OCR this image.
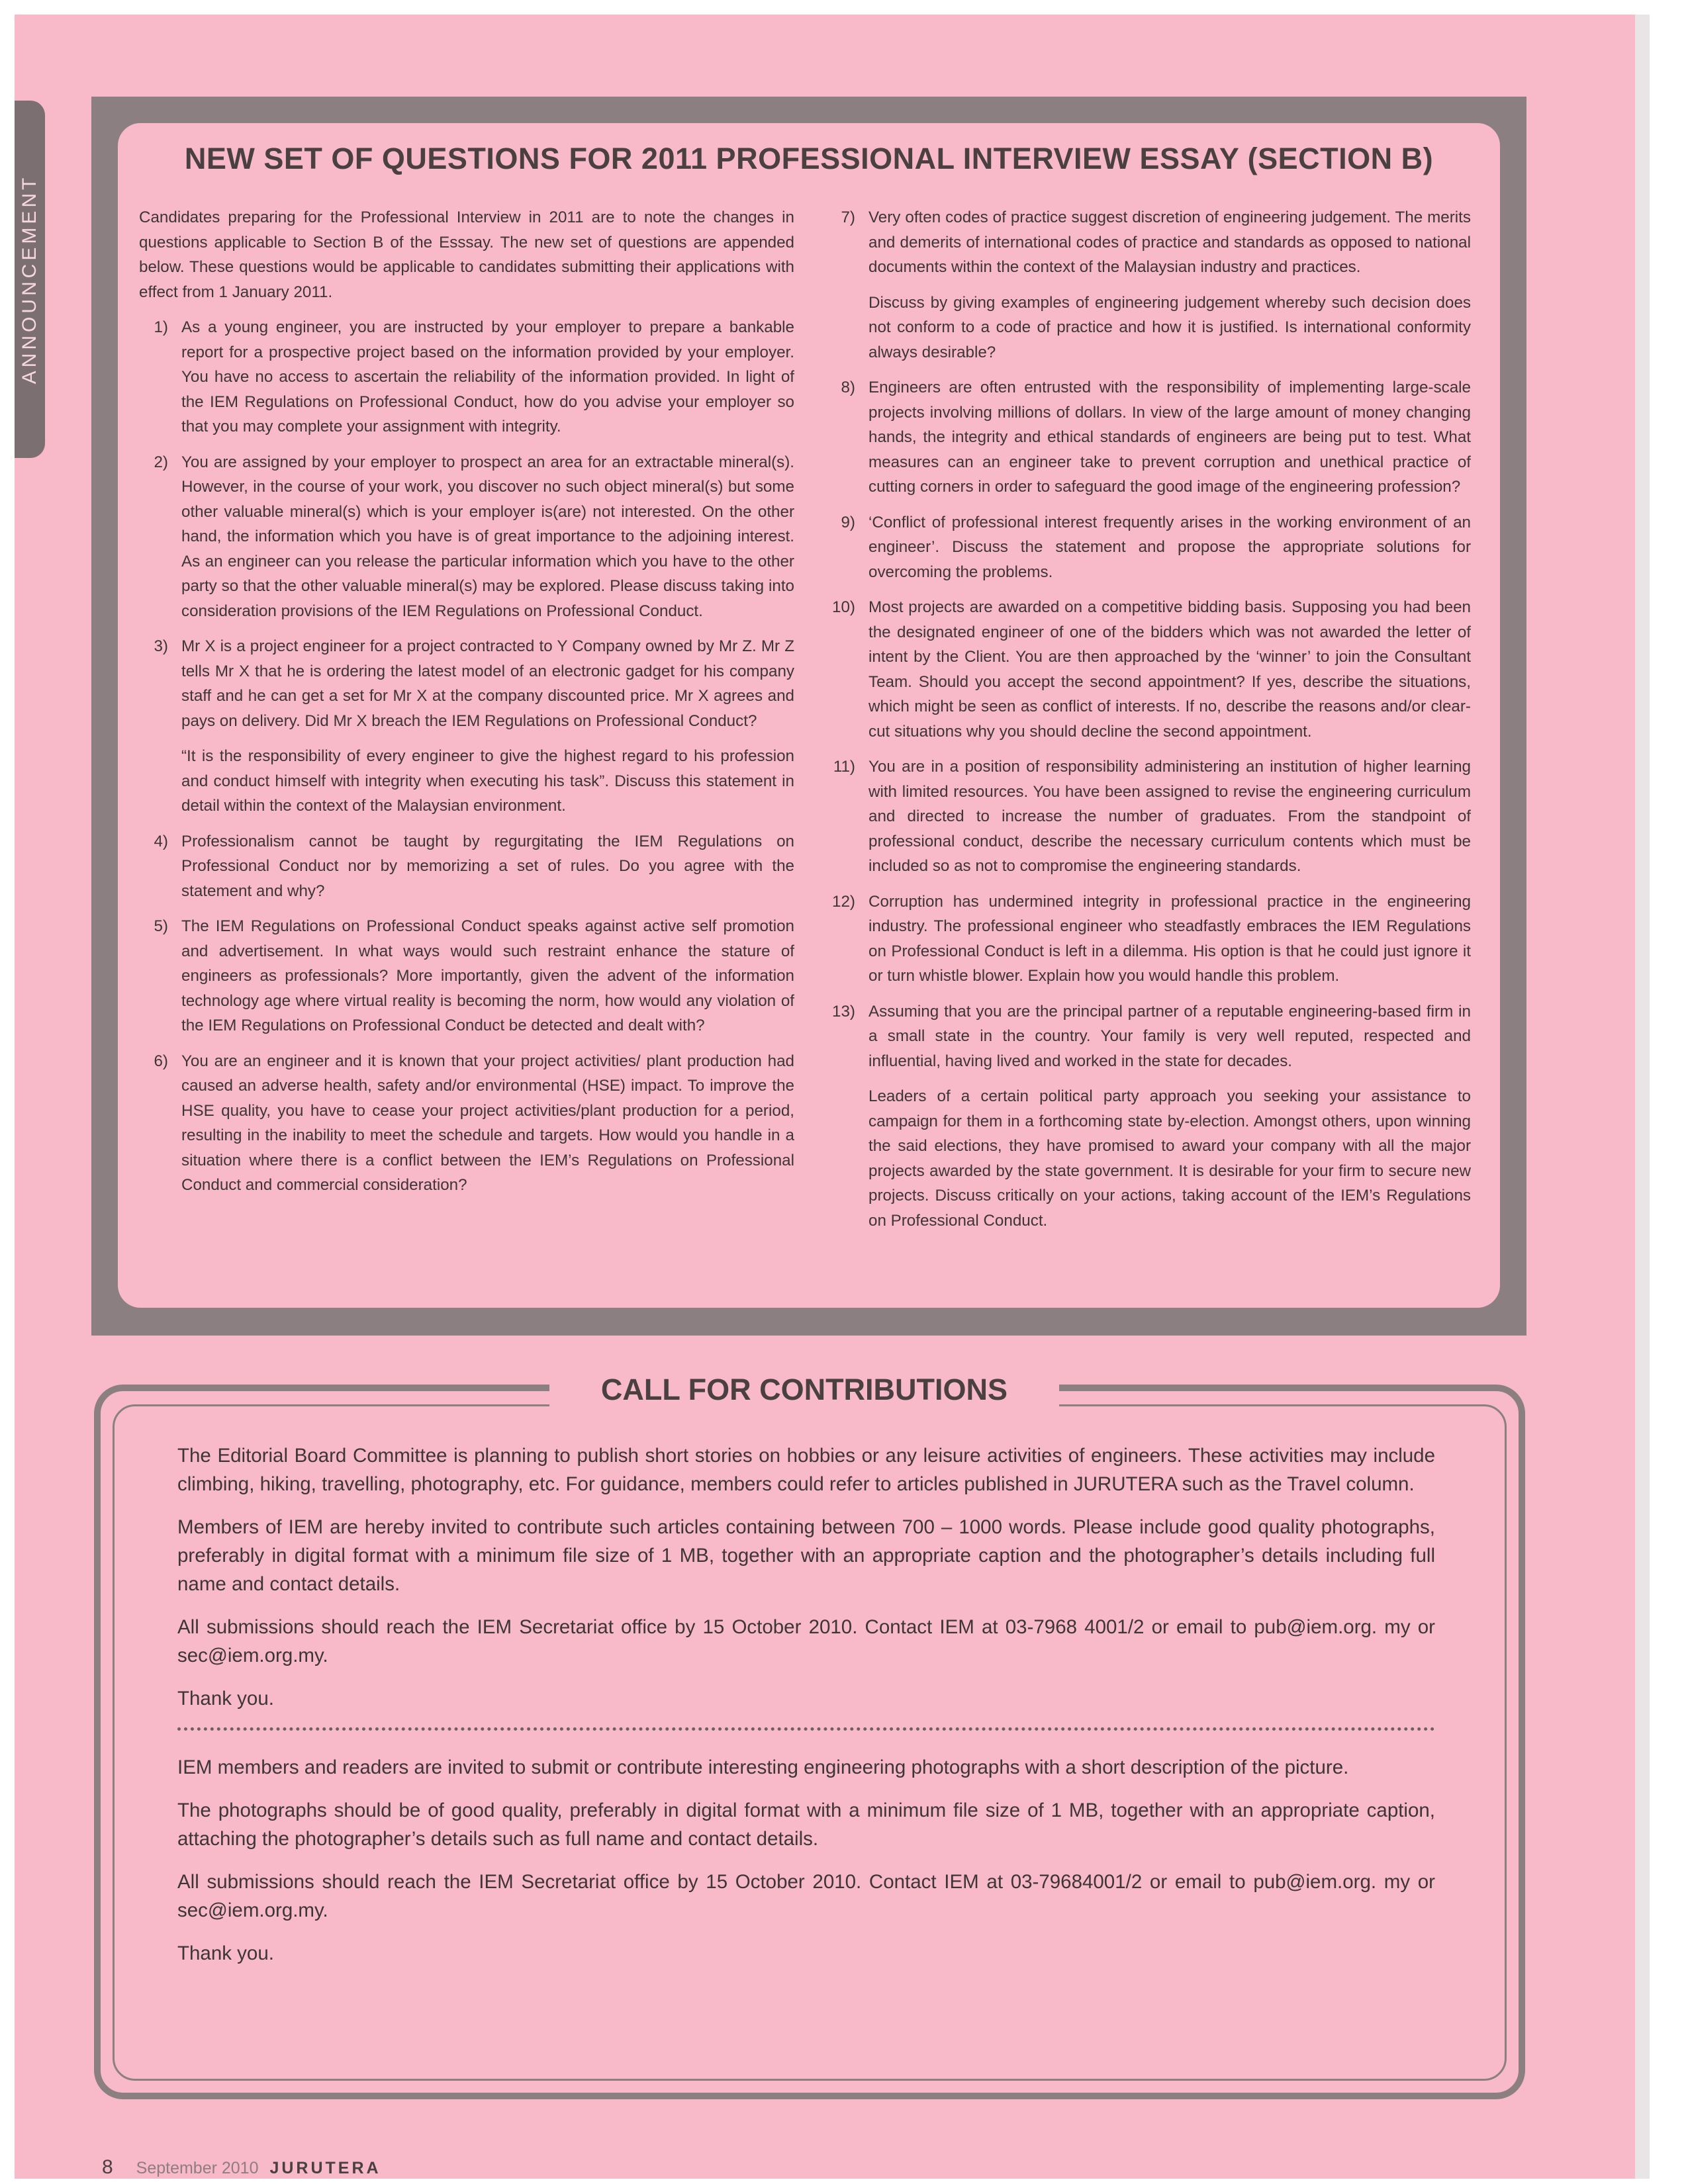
ANNOUNCEMENT
NEW SET OF QUESTIONS FOR 2011 PROFESSIONAL INTERVIEW ESSAY (SECTION B)

Candidates preparing for the Professional Interview in 2011 are to note the changes in questions applicable to Section B of the Esssay. The new set of questions are appended below. These questions would be applicable to candidates submitting their applications with effect from 1 January 2011.

1) As a young engineer, you are instructed by your employer to prepare a bankable report for a prospective project based on the information provided by your employer. You have no access to ascertain the reliability of the information provided. In light of the IEM Regulations on Professional Conduct, how do you advise your employer so that you may complete your assignment with integrity.
2) You are assigned by your employer to prospect an area for an extractable mineral(s). However, in the course of your work, you discover no such object mineral(s) but some other valuable mineral(s) which is your employer is(are) not interested. On the other hand, the information which you have is of great importance to the adjoining interest. As an engineer can you release the particular information which you have to the other party so that the other valuable mineral(s) may be explored. Please discuss taking into consideration provisions of the IEM Regulations on Professional Conduct.
3) Mr X is a project engineer for a project contracted to Y Company owned by Mr Z. Mr Z tells Mr X that he is ordering the latest model of an electronic gadget for his company staff and he can get a set for Mr X at the company discounted price. Mr X agrees and pays on delivery. Did Mr X breach the IEM Regulations on Professional Conduct?
“It is the responsibility of every engineer to give the highest regard to his profession and conduct himself with integrity when executing his task”. Discuss this statement in detail within the context of the Malaysian environment.
4) Professionalism cannot be taught by regurgitating the IEM Regulations on Professional Conduct nor by memorizing a set of rules. Do you agree with the statement and why?
5) The IEM Regulations on Professional Conduct speaks against active self promotion and advertisement. In what ways would such restraint enhance the stature of engineers as professionals? More importantly, given the advent of the information technology age where virtual reality is becoming the norm, how would any violation of the IEM Regulations on Professional Conduct be detected and dealt with?
6) You are an engineer and it is known that your project activities/ plant production had caused an adverse health, safety and/or environmental (HSE) impact. To improve the HSE quality, you have to cease your project activities/plant production for a period, resulting in the inability to meet the schedule and targets. How would you handle in a situation where there is a conflict between the IEM’s Regulations on Professional Conduct and commercial consideration?
7) Very often codes of practice suggest discretion of engineering judgement. The merits and demerits of international codes of practice and standards as opposed to national documents within the context of the Malaysian industry and practices.
Discuss by giving examples of engineering judgement whereby such decision does not conform to a code of practice and how it is justified. Is international conformity always desirable?
8) Engineers are often entrusted with the responsibility of implementing large-scale projects involving millions of dollars. In view of the large amount of money changing hands, the integrity and ethical standards of engineers are being put to test. What measures can an engineer take to prevent corruption and unethical practice of cutting corners in order to safeguard the good image of the engineering profession?
9) ‘Conflict of professional interest frequently arises in the working environment of an engineer’. Discuss the statement and propose the appropriate solutions for overcoming the problems.
10) Most projects are awarded on a competitive bidding basis. Supposing you had been the designated engineer of one of the bidders which was not awarded the letter of intent by the Client. You are then approached by the ‘winner’ to join the Consultant Team. Should you accept the second appointment? If yes, describe the situations, which might be seen as conflict of interests. If no, describe the reasons and/or clear-cut situations why you should decline the second appointment.
11) You are in a position of responsibility administering an institution of higher learning with limited resources. You have been assigned to revise the engineering curriculum and directed to increase the number of graduates. From the standpoint of professional conduct, describe the necessary curriculum contents which must be included so as not to compromise the engineering standards.
12) Corruption has undermined integrity in professional practice in the engineering industry. The professional engineer who steadfastly embraces the IEM Regulations on Professional Conduct is left in a dilemma. His option is that he could just ignore it or turn whistle blower. Explain how you would handle this problem.
13) Assuming that you are the principal partner of a reputable engineering-based firm in a small state in the country. Your family is very well reputed, respected and influential, having lived and worked in the state for decades.
Leaders of a certain political party approach you seeking your assistance to campaign for them in a forthcoming state by-election. Amongst others, upon winning the said elections, they have promised to award your company with all the major projects awarded by the state government. It is desirable for your firm to secure new projects. Discuss critically on your actions, taking account of the IEM’s Regulations on Professional Conduct.
CALL FOR CONTRIBUTIONS

The Editorial Board Committee is planning to publish short stories on hobbies or any leisure activities of engineers. These activities may include climbing, hiking, travelling, photography, etc. For guidance, members could refer to articles published in JURUTERA such as the Travel column.

Members of IEM are hereby invited to contribute such articles containing between 700 – 1000 words. Please include good quality photographs, preferably in digital format with a minimum file size of 1 MB, together with an appropriate caption and the photographer’s details including full name and contact details.

All submissions should reach the IEM Secretariat office by 15 October 2010. Contact IEM at 03-7968 4001/2 or email to pub@iem.org. my or sec@iem.org.my.

Thank you.

IEM members and readers are invited to submit or contribute interesting engineering photographs with a short description of the picture.

The photographs should be of good quality, preferably in digital format with a minimum file size of 1 MB, together with an appropriate caption, attaching the photographer’s details such as full name and contact details.

All submissions should reach the IEM Secretariat office by 15 October 2010. Contact IEM at 03-79684001/2 or email to pub@iem.org. my or sec@iem.org.my.

Thank you.

8 September 2010 JURUTERA
